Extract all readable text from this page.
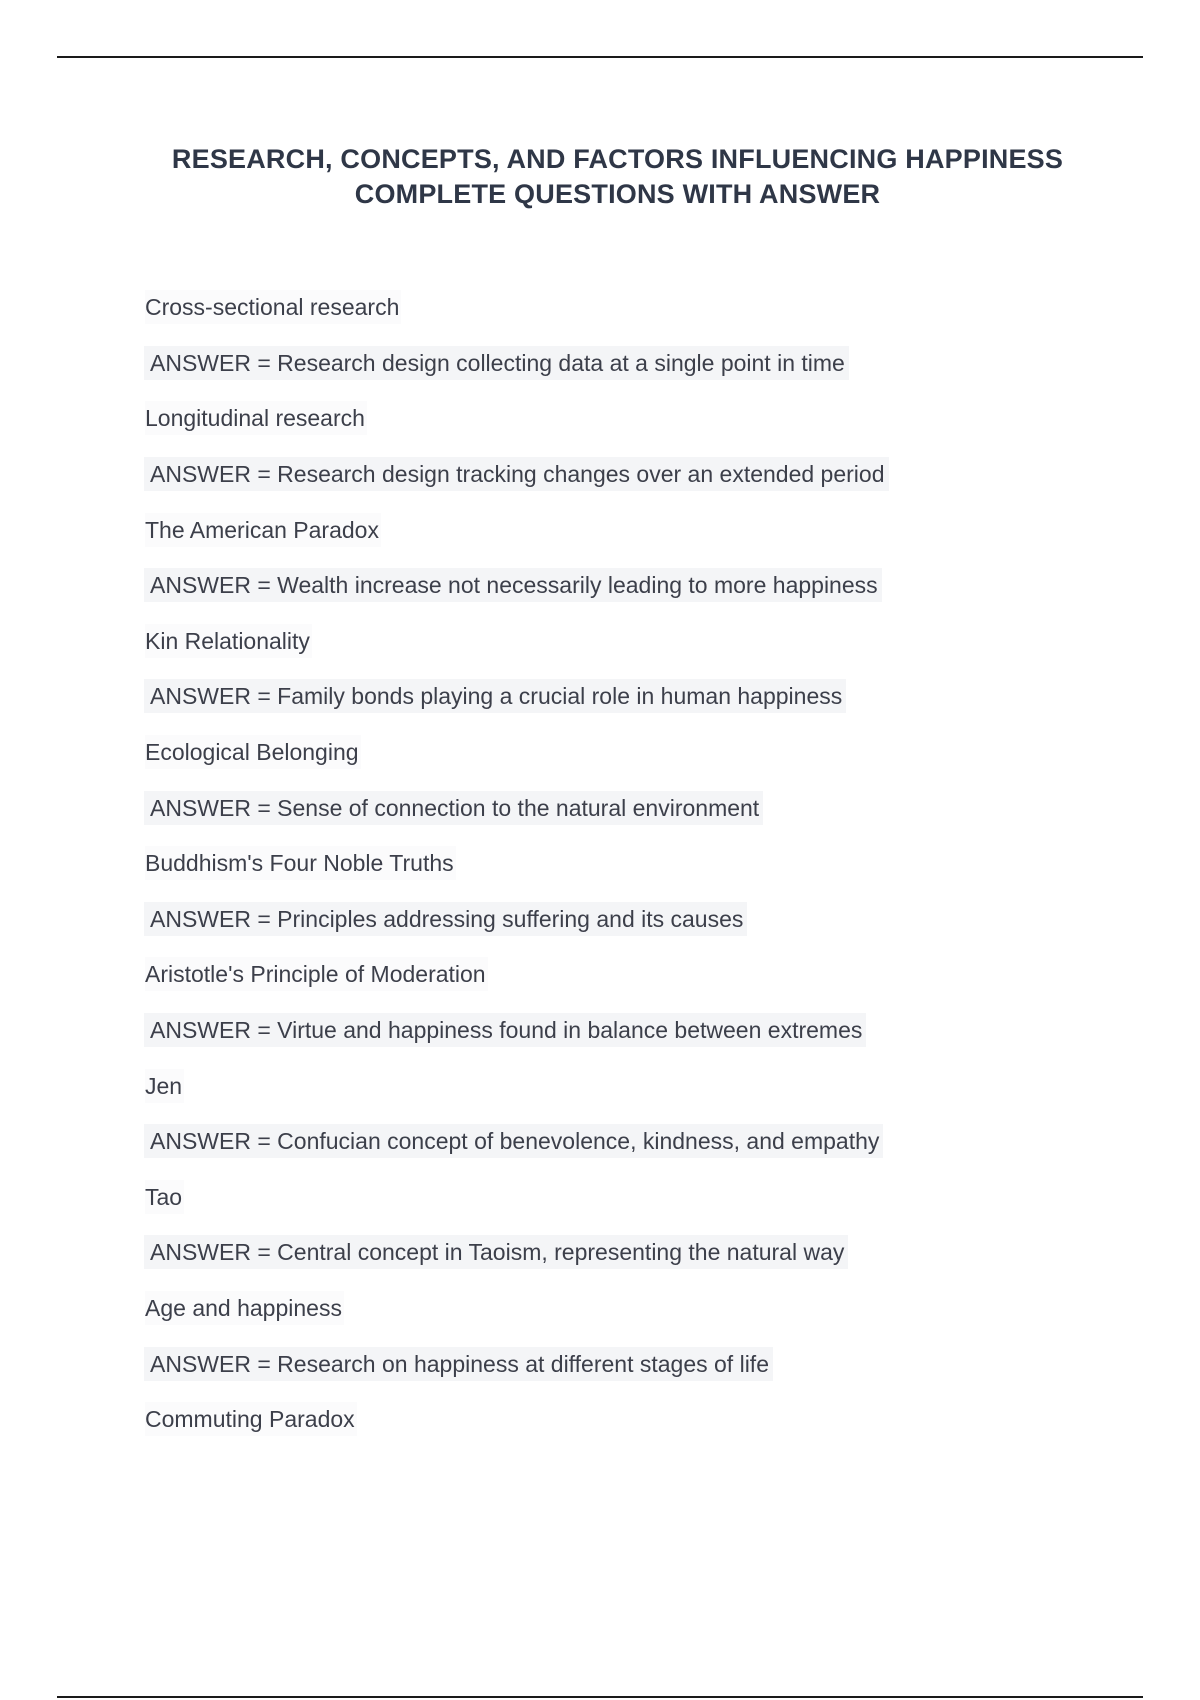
RESEARCH, CONCEPTS, AND FACTORS INFLUENCING HAPPINESS
COMPLETE QUESTIONS WITH ANSWER
Cross-sectional research
ANSWER = Research design collecting data at a single point in time
Longitudinal research
ANSWER = Research design tracking changes over an extended period
The American Paradox
ANSWER = Wealth increase not necessarily leading to more happiness
Kin Relationality
ANSWER = Family bonds playing a crucial role in human happiness
Ecological Belonging
ANSWER = Sense of connection to the natural environment
Buddhism's Four Noble Truths
ANSWER = Principles addressing suffering and its causes
Aristotle's Principle of Moderation
ANSWER = Virtue and happiness found in balance between extremes
Jen
ANSWER = Confucian concept of benevolence, kindness, and empathy
Tao
ANSWER = Central concept in Taoism, representing the natural way
Age and happiness
ANSWER = Research on happiness at different stages of life
Commuting Paradox
